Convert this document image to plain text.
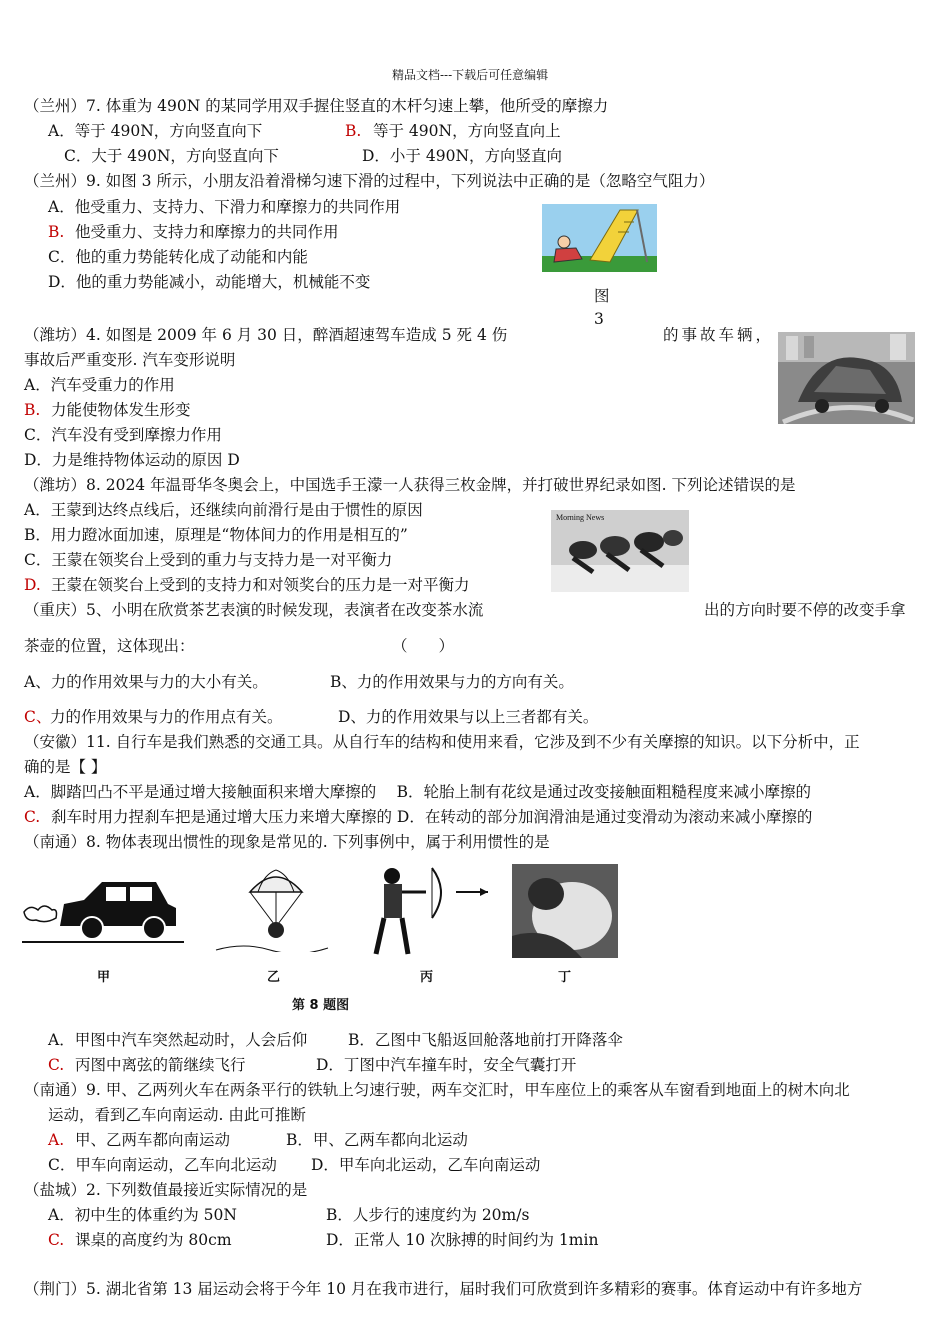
精品文档---下载后可任意编辑
（兰州）7. 体重为 490N 的某同学用双手握住竖直的木杆匀速上攀，他所受的摩擦力
A．等于 490N，方向竖直向下	B. 等于 490N，方向竖直向上
C．大于 490N，方向竖直向下	D．小于 490N，方向竖直向
（兰州）9. 如图 3 所示，小朋友沿着滑梯匀速下滑的过程中，下列说法中正确的是（忽略空气阻力）
A．他受重力、支持力、下滑力和摩擦力的共同作用
B. 他受重力、支持力和摩擦力的共同作用
C．他的重力势能转化成了动能和内能
D．他的重力势能减小，动能增大，机械能不变
图
3
（潍坊）4. 如图是 2009 年 6 月 30 日，醉酒超速驾车造成 5 死 4 伤	的事故车辆，
事故后严重变形. 汽车变形说明
A．汽车受重力的作用
B. 力能使物体发生形变
C．汽车没有受到摩擦力作用
D．力是维持物体运动的原因 D
（潍坊）8. 2024 年温哥华冬奥会上，中国选手王濛一人获得三枚金牌，并打破世界纪录如图. 下列论述错误的是
A．王蒙到达终点线后，还继续向前滑行是由于惯性的原因
B．用力蹬冰面加速，原理是“物体间力的作用是相互的”
C．王蒙在领奖台上受到的重力与支持力是一对平衡力
D. 王蒙在领奖台上受到的支持力和对领奖台的压力是一对平衡力
Morning News
（重庆）5、小明在欣赏茶艺表演的时候发现，表演者在改变茶水流	出的方向时要不停的改变手拿
茶壶的位置，这体现出：	（　　）
A、力的作用效果与力的大小有关。	B、力的作用效果与力的方向有关。
C、
力的作用效果与力的作用点有关。	D、力的作用效果与以上三者都有关。
（安徽）11. 自行车是我们熟悉的交通工具。从自行车的结构和使用来看，它涉及到不少有关摩擦的知识。以下分析中，正
确的是【 】
A．脚踏凹凸不平是通过增大接触面积来增大摩擦的　 B．轮胎上制有花纹是通过改变接触面粗糙程度来减小摩擦的
C. 刹车时用力捏刹车把是通过增大压力来增大摩擦的 D．在转动的部分加润滑油是通过变滑动为滚动来减小摩擦的
（南通）8. 物体表现出惯性的现象是常见的. 下列事例中，属于利用惯性的是
甲	乙	丙	丁
第 8 题图
A．甲图中汽车突然起动时，人会后仰	B．乙图中飞船返回舱落地前打开降落伞
C. 丙图中离弦的箭继续飞行	D．丁图中汽车撞车时，安全气囊打开
（南通）9. 甲、乙两列火车在两条平行的铁轨上匀速行驶，两车交汇时，甲车座位上的乘客从车窗看到地面上的树木向北
运动，看到乙车向南运动. 由此可推断
A. 甲、乙两车都向南运动	B．甲、乙两车都向北运动
C．甲车向南运动，乙车向北运动 D．甲车向北运动，乙车向南运动
（盐城）2. 下列数值最接近实际情况的是
A．初中生的体重约为 50N	B．人步行的速度约为 20m/s
C. 课桌的高度约为 80cm	D．正常人 10 次脉搏的时间约为 1min
（荆门）5. 湖北省第 13 届运动会将于今年 10 月在我市进行，届时我们可欣赏到许多精彩的赛事。体育运动中有许多地方
